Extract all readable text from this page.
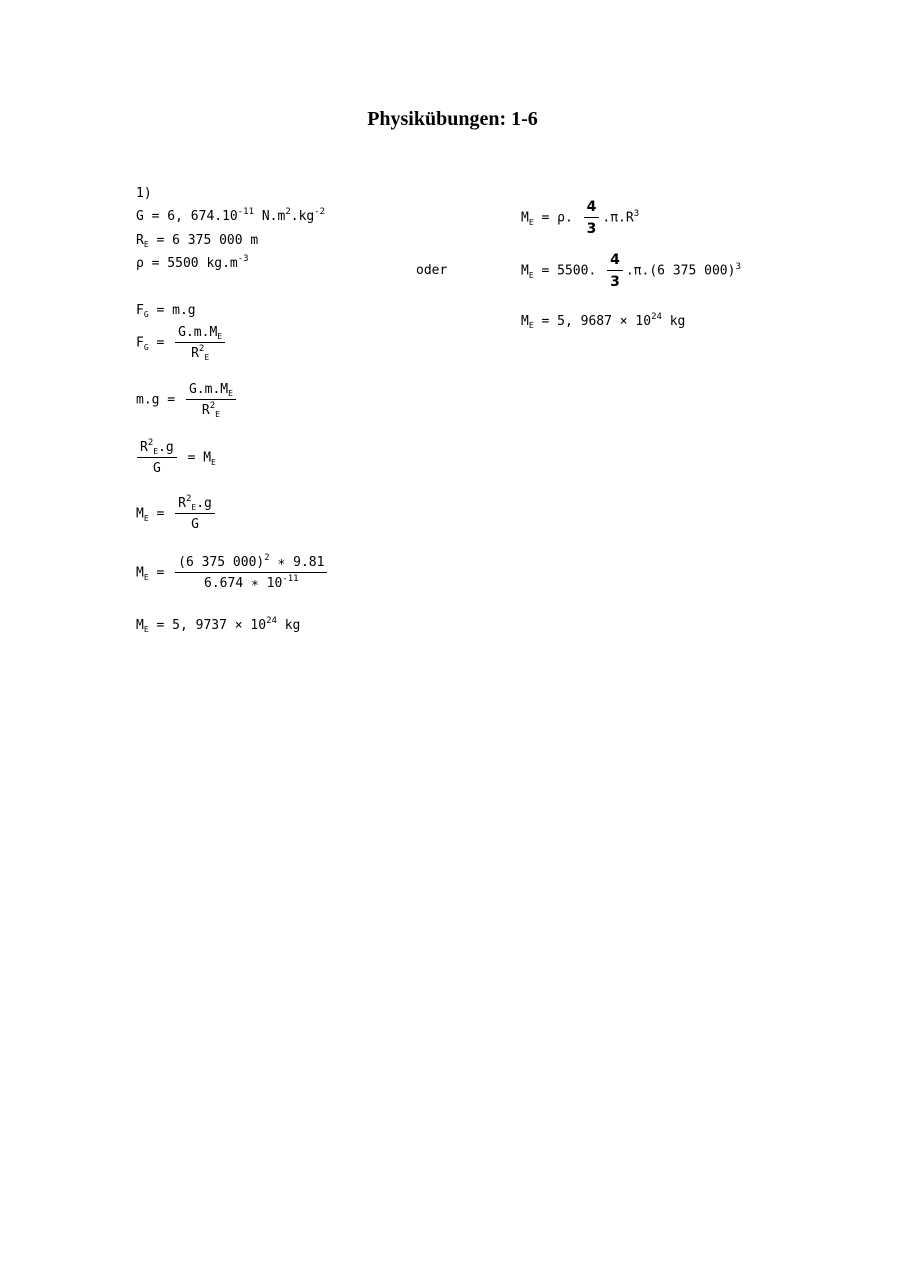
Physikübungen: 1-6
1)
G = 6, $674.10^{-11}$ $N.m^2.kg^{-2}$
$R_E = 6$ 375 000 m
ρ = 5500 $kg.m^{-3}$
$F_G = m.g$
$F_G = \frac{G.m.M_E}{R^2_E}$
$m.g = \frac{G.m.M_E}{R^2_E}$
$\frac{R^2_E.g}{G} = M_E$
$M_E = \frac{R^2_E.g}{G}$
$M_E = \frac{(6 375 000)^2 ∗ 9.81}{6.674 ∗ 10^{-11}}$
$M_E = 5$, $9737 \times 10^{24}$ kg
oder
$M_E = \rho$. $\frac{4}{3} .\pi.R^3$
$M_E = 5500$. $\frac{4}{3} .\pi.(6$ 375 000)$^3$
$M_E = 5$, $9687 \times 10^{24}$ kg
